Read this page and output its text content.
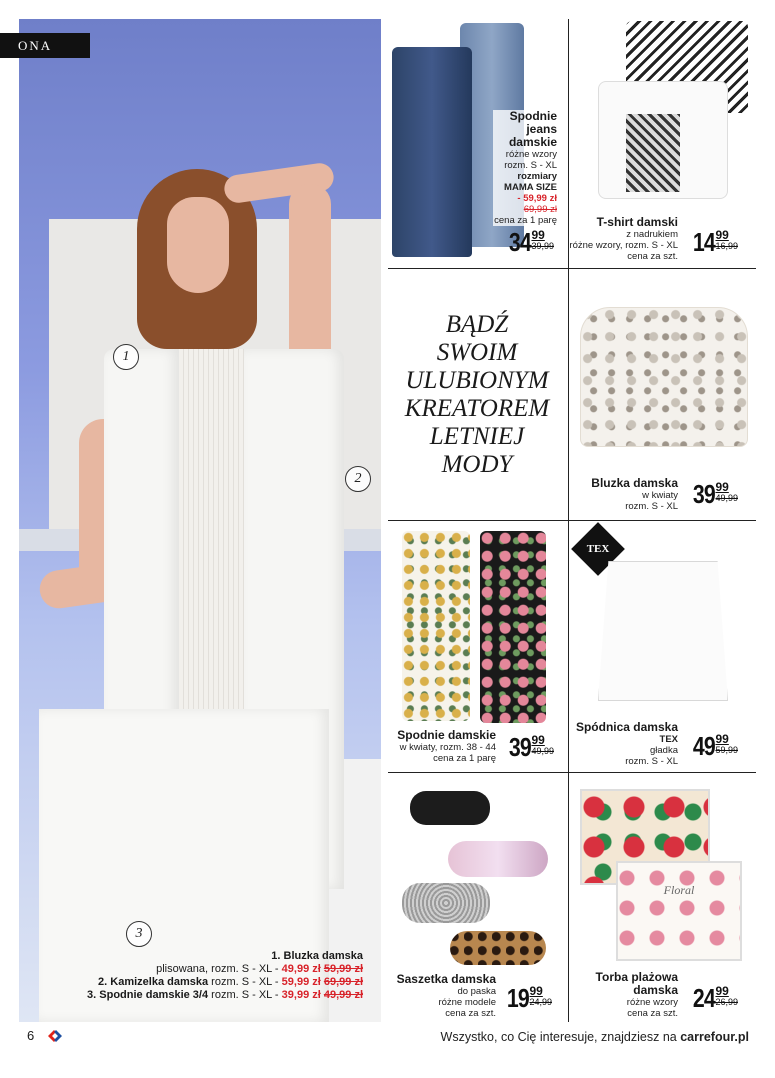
1
2
3
1. Bluzka damska
plisowana, rozm. S - XL - 49,99 zł 59,99 zł
2. Kamizelka damska rozm. S - XL - 59,99 zł 69,99 zł
3. Spodnie damskie 3/4 rozm. S - XL - 39,99 zł 49,99 zł
ONA
Spodnie
jeans
damskie
różne wzory
rozm. S - XL
rozmiary
MAMA SIZE
- 59,99 zł
69,99 zł
cena za 1 parę
34 99
39,99
T-shirt damski
z nadrukiem
różne wzory, rozm. S - XL
cena za szt. 14 99
16,99
BĄDŹ
SWOIM
ULUBIONYM
KREATOREM
LETNIEJ
MODY
Bluzka damska
w kwiaty
rozm. S - XL 39 99
49,99
Spodnie damskie
w kwiaty, rozm. 38 - 44
cena za 1 parę 39 99
49,99
TEX
Spódnica damska
TEX
gładka
rozm. S - XL
49 99
59,99
Saszetka damska
do paska
różne modele
cena za szt.
19 99
24,99
Floral
Torba plażowa
damska
różne wzory
cena za szt.
24 99
26,99
6	Wszystko, co Cię interesuje, znajdziesz na carrefour.pl
